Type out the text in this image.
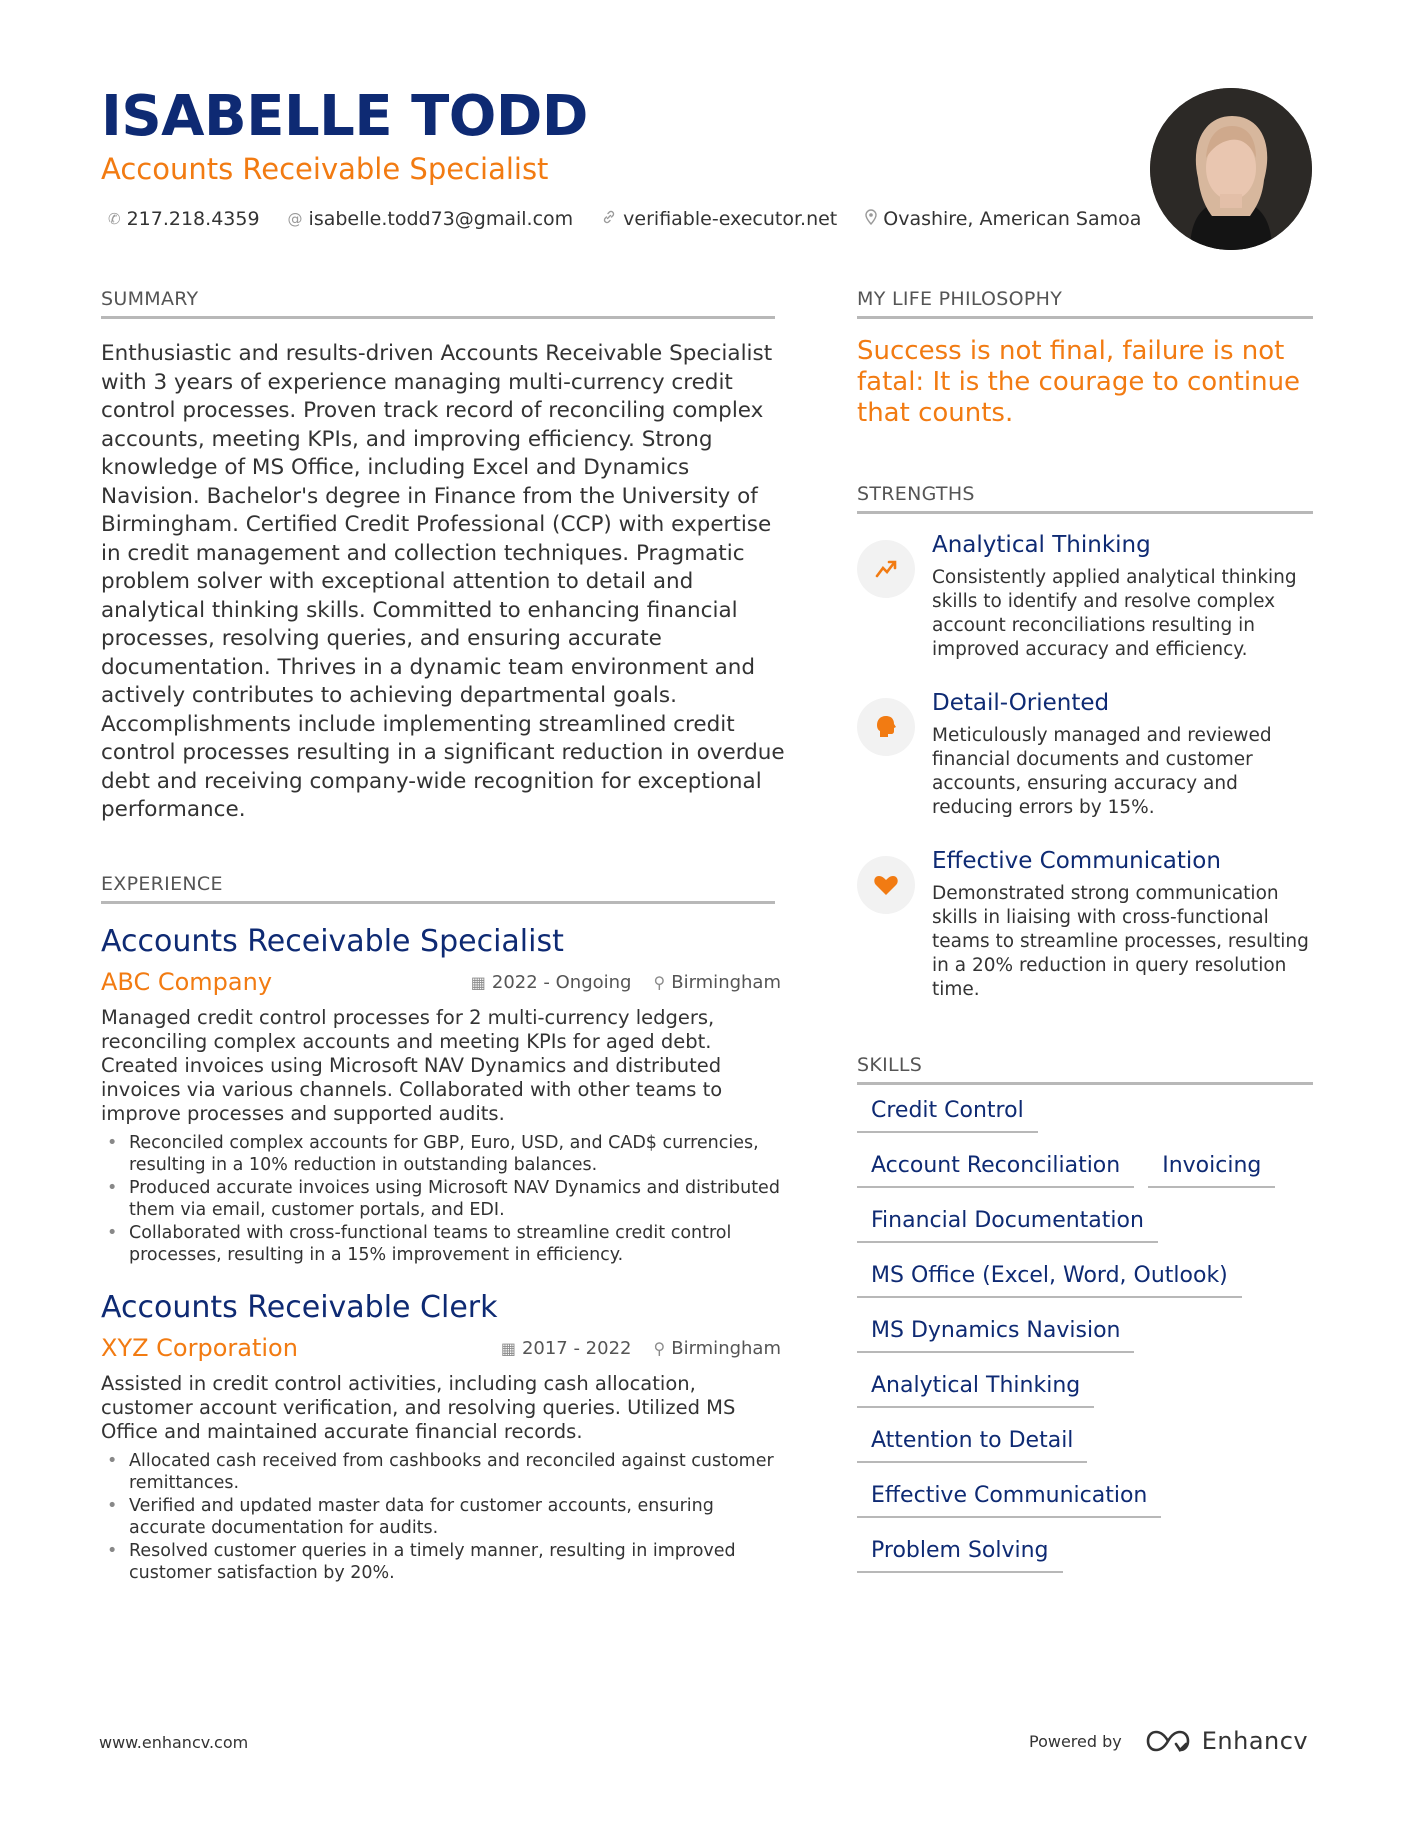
ISABELLE TODD
Accounts Receivable Specialist
✆ 217.218.4359 @ isabelle.todd73@gmail.com	verifiable-executor.net Ovashire, American Samoa
SUMMARY
Enthusiastic and results-driven Accounts Receivable Specialist with 3 years of experience managing multi-currency credit control processes. Proven track record of reconciling complex accounts, meeting KPIs, and improving efficiency. Strong knowledge of MS Office, including Excel and Dynamics Navision. Bachelor's degree in Finance from the University of Birmingham. Certified Credit Professional (CCP) with expertise in credit management and collection techniques. Pragmatic problem solver with exceptional attention to detail and analytical thinking skills. Committed to enhancing financial processes, resolving queries, and ensuring accurate documentation. Thrives in a dynamic team environment and actively contributes to achieving departmental goals. Accomplishments include implementing streamlined credit control processes resulting in a significant reduction in overdue debt and receiving company-wide recognition for exceptional performance.
EXPERIENCE
Accounts Receivable Specialist
ABC Company	▦ 2022 - Ongoing ⚲ Birmingham
Managed credit control processes for 2 multi-currency ledgers, reconciling complex accounts and meeting KPIs for aged debt. Created invoices using Microsoft NAV Dynamics and distributed invoices via various channels. Collaborated with other teams to improve processes and supported audits.
• Reconciled complex accounts for GBP, Euro, USD, and CAD$ currencies, resulting in a 10% reduction in outstanding balances.
• Produced accurate invoices using Microsoft NAV Dynamics and distributed them via email, customer portals, and EDI.
• Collaborated with cross-functional teams to streamline credit control processes, resulting in a 15% improvement in efficiency.
Accounts Receivable Clerk
XYZ Corporation	▦ 2017 - 2022 ⚲ Birmingham
Assisted in credit control activities, including cash allocation, customer account verification, and resolving queries. Utilized MS Office and maintained accurate financial records.
• Allocated cash received from cashbooks and reconciled against customer remittances.
• Verified and updated master data for customer accounts, ensuring accurate documentation for audits.
• Resolved customer queries in a timely manner, resulting in improved customer satisfaction by 20%.
MY LIFE PHILOSOPHY
Success is not final, failure is not fatal: It is the courage to continue that counts.
STRENGTHS
Analytical Thinking
Consistently applied analytical thinking skills to identify and resolve complex account reconciliations resulting in improved accuracy and efficiency.
Detail-Oriented
Meticulously managed and reviewed financial documents and customer accounts, ensuring accuracy and reducing errors by 15%.
Effective Communication
Demonstrated strong communication skills in liaising with cross-functional teams to streamline processes, resulting in a 20% reduction in query resolution time.
SKILLS
Credit Control
Account Reconciliation	Invoicing
Financial Documentation
MS Office (Excel, Word, Outlook)
MS Dynamics Navision
Analytical Thinking
Attention to Detail
Effective Communication
Problem Solving
www.enhancv.com	Powered by	Enhancv
